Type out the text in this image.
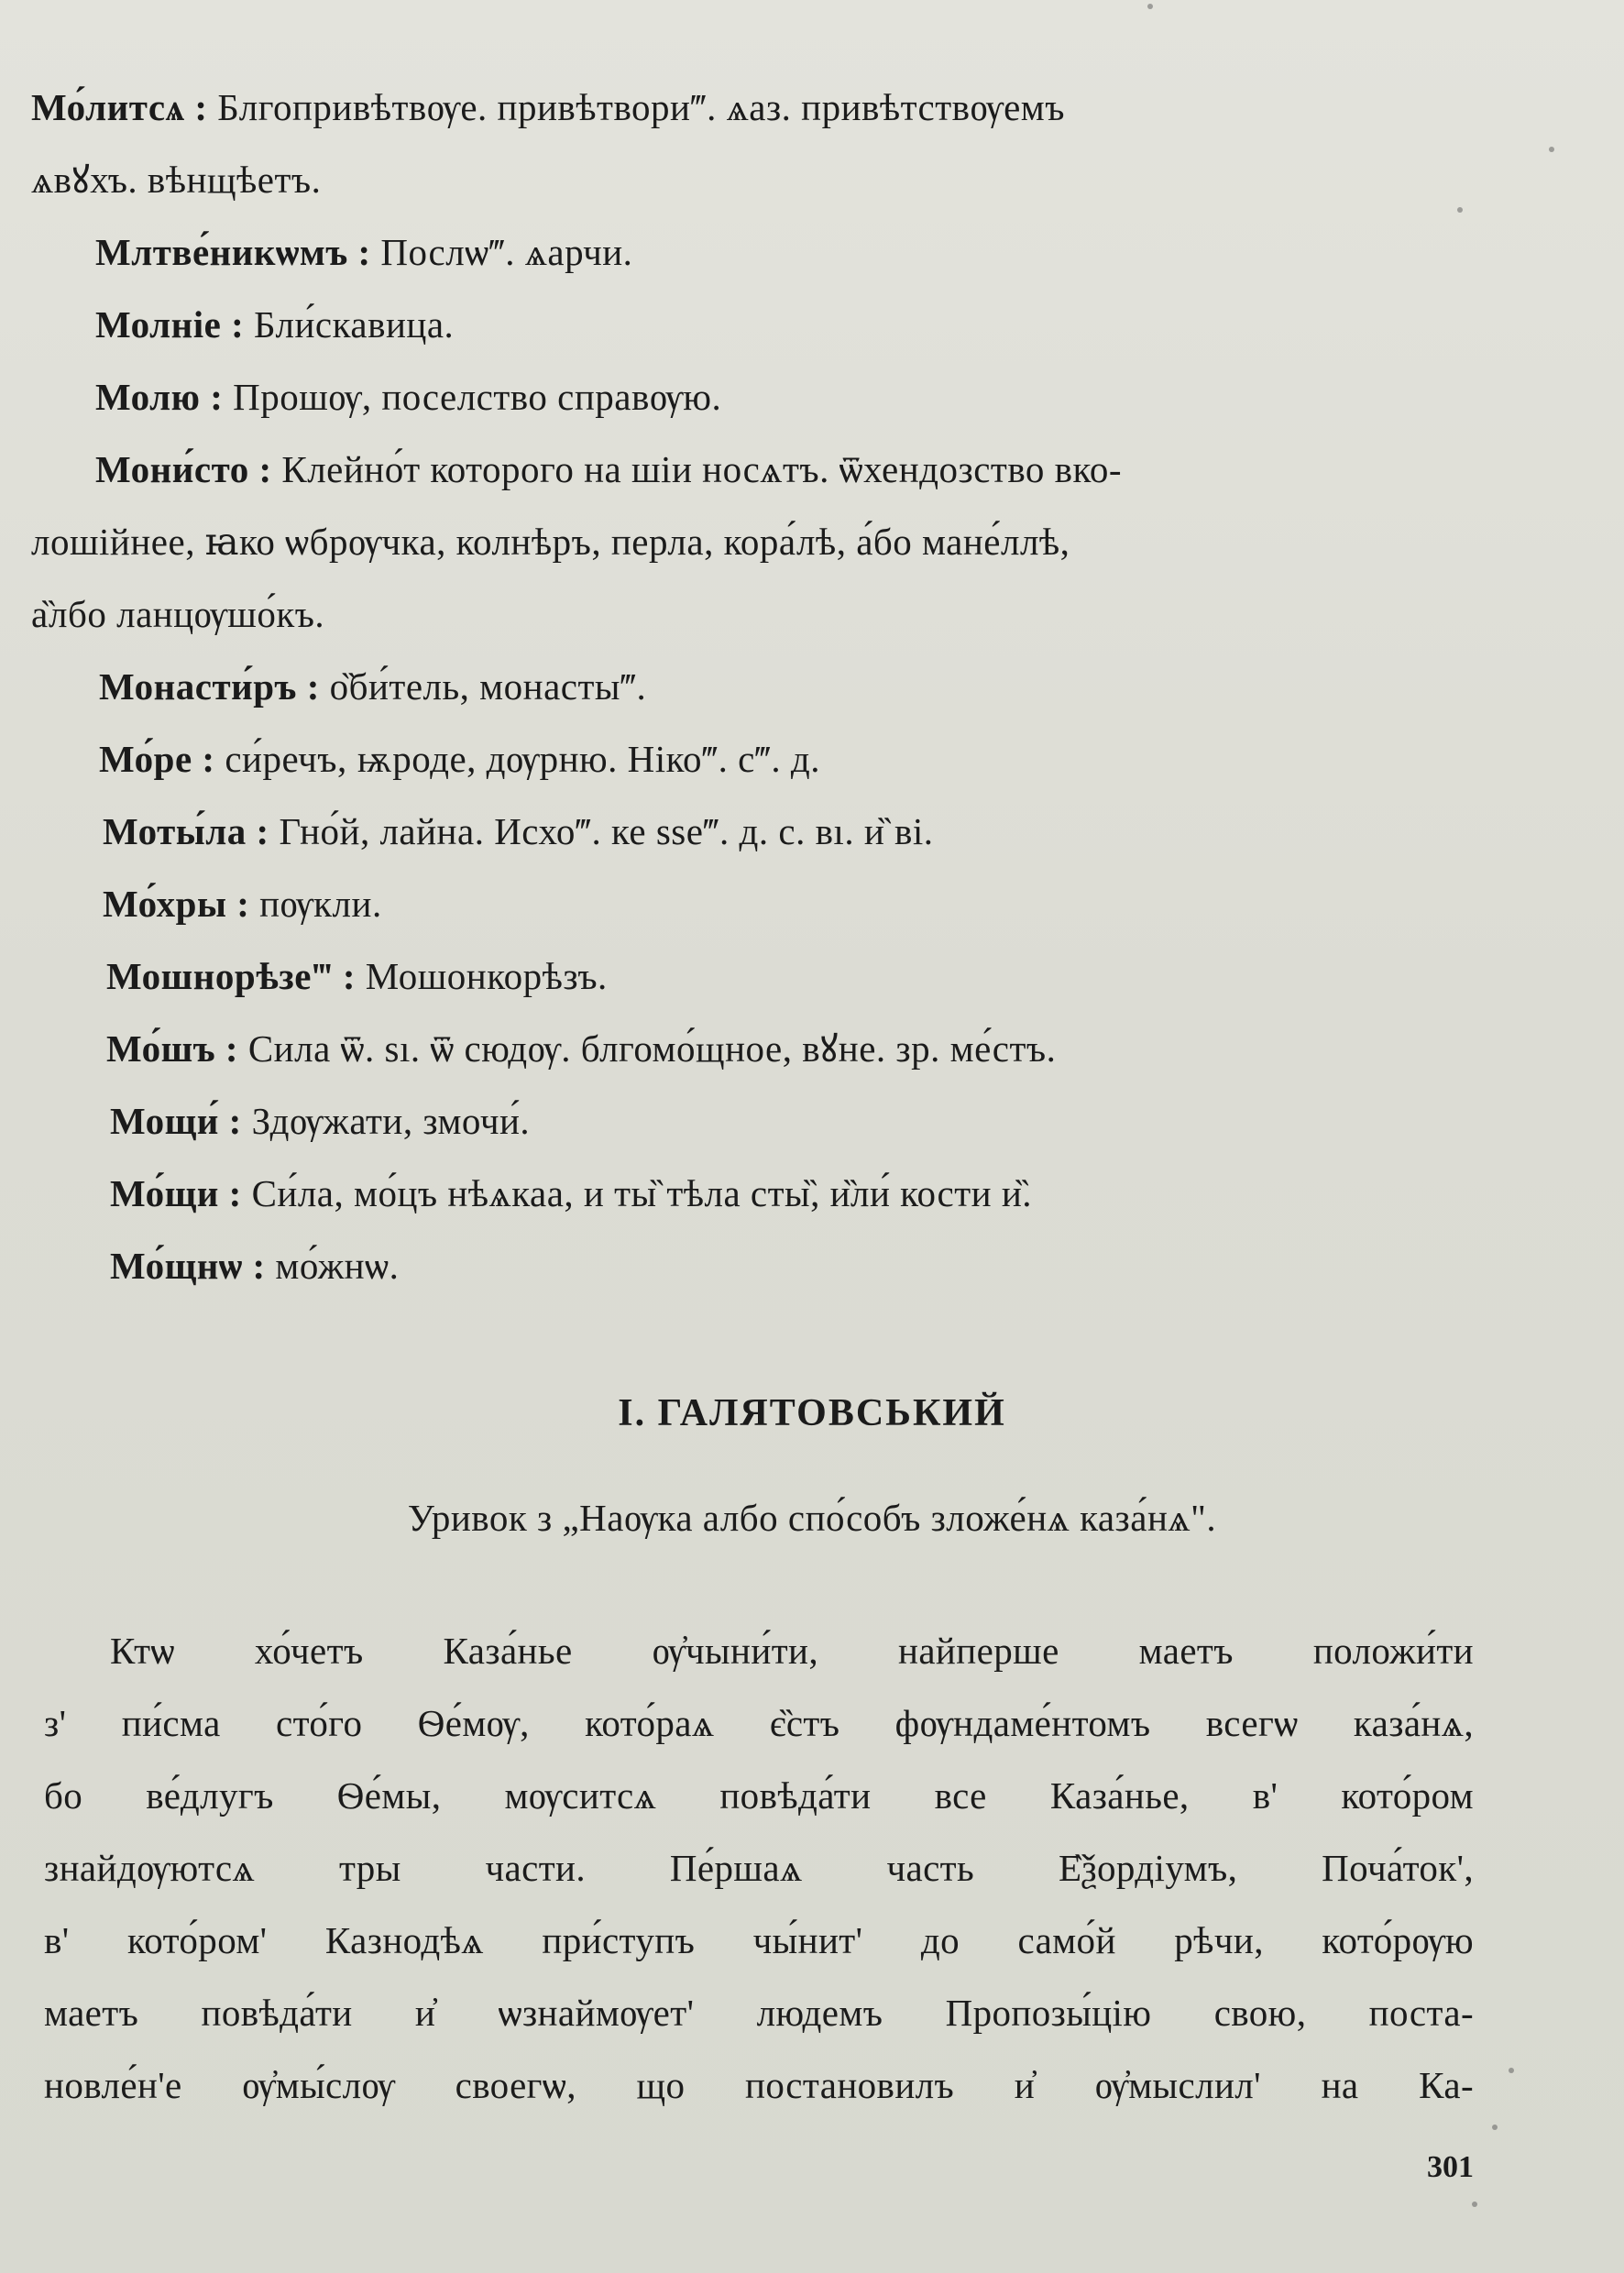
Мо́литсѧ : Блгопривѣтвѹе. привѣтвори‴. ѧаз. привѣтствѹемъ
ѧвꙋхъ. вѣнщѣетъ.
Млтве́никѡмъ : Послѡ‴. ѧарчи.
Молніе : Бли́скавица.
Молю : Прошѹ, поселство справѹю.
Мони́сто : Клейно́т которого на шіи носѧтъ. ѿхендозство вко-
лошійнее, ꙗко ѡбрѹчка, колнѣръ, перла, кора́лѣ, а́бо мане́ллѣ,
а̏лбо ланцѹшо́къ.
Монасти́ръ : о̏би́тель, монасты‴.
Мо́ре : си́речъ, ѭроде, дѹрню. Ніко‴. с‴. д.
Моты́ла : Гно́й, лайна. Исхо‴. ке ѕѕе‴. д. с. вı. и̏ ві.
Мо́хры : пѹкли.
Мошнорѣзе‴ : Мошонкорѣзъ.
Мо́шъ : Сила ѿ. ѕı. ѿ сюдѹ. блгомо́щное, вꙋне. зр. ме́стъ.
Мощи́ : Здѹжати, змочи́.
Мо́щи : Си́ла, мо́цъ нѣѧкаа, и ты̏ тѣла сты̏, и̏ли́ кости и̏.
Мо́щнѡ : мо́жнѡ.
І. ГАЛЯТОВСЬКИЙ
Уривок з „Наѹка албо спо́собъ зложе́нѧ каза́нѧ".
Ктѡ хо́четъ Каза́нье ѹ̓чыни́ти, найперше маетъ положи́ти
з' пи́сма сто́го Ѳе́мѹ, кото́раѧ є̏стъ фѹндаме́нтомъ всегѡ каза́нѧ,
бо ве́длугъ Ѳе́мы, мѹситсѧ повѣда́ти все Каза́нье, в' кото́ром
знайдѹютсѧ тры части. Пе́ршаѧ часть Е̏ѯордіумъ, Поча́ток',
в' кото́ром' Казнодѣѧ при́ступъ чы́нит' до само́й рѣчи, кото́рѹю
маетъ повѣда́ти и̓ ѡзнаймѹет' людемъ Пропозы́цію свою, поста-
новле́н'е ѹ̓мы́слѹ своегѡ, що постановилъ и̓ ѹ̓мыслил' на Ка-
301
